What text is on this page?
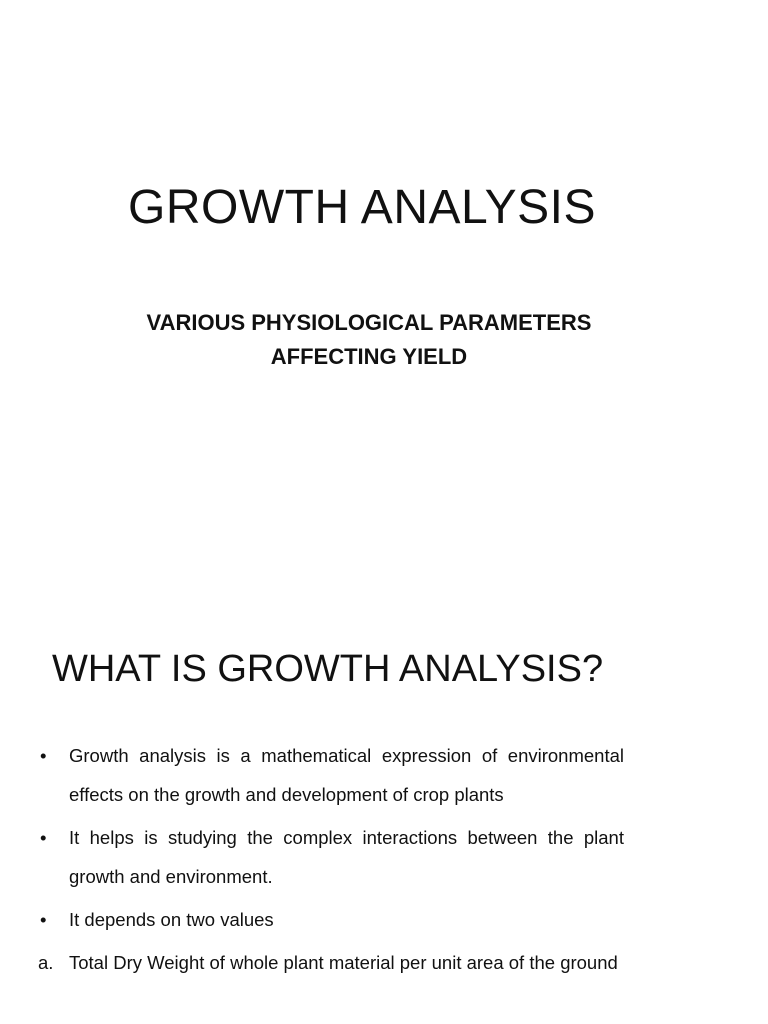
GROWTH ANALYSIS
VARIOUS PHYSIOLOGICAL PARAMETERS
AFFECTING YIELD
WHAT IS GROWTH ANALYSIS?
•	Growth analysis is a mathematical expression of environmental effects on the growth and development of crop plants
•	It helps is studying the complex interactions between the plant growth and environment.
•	It depends on two values
a. Total Dry Weight of whole plant material per unit area of the ground
